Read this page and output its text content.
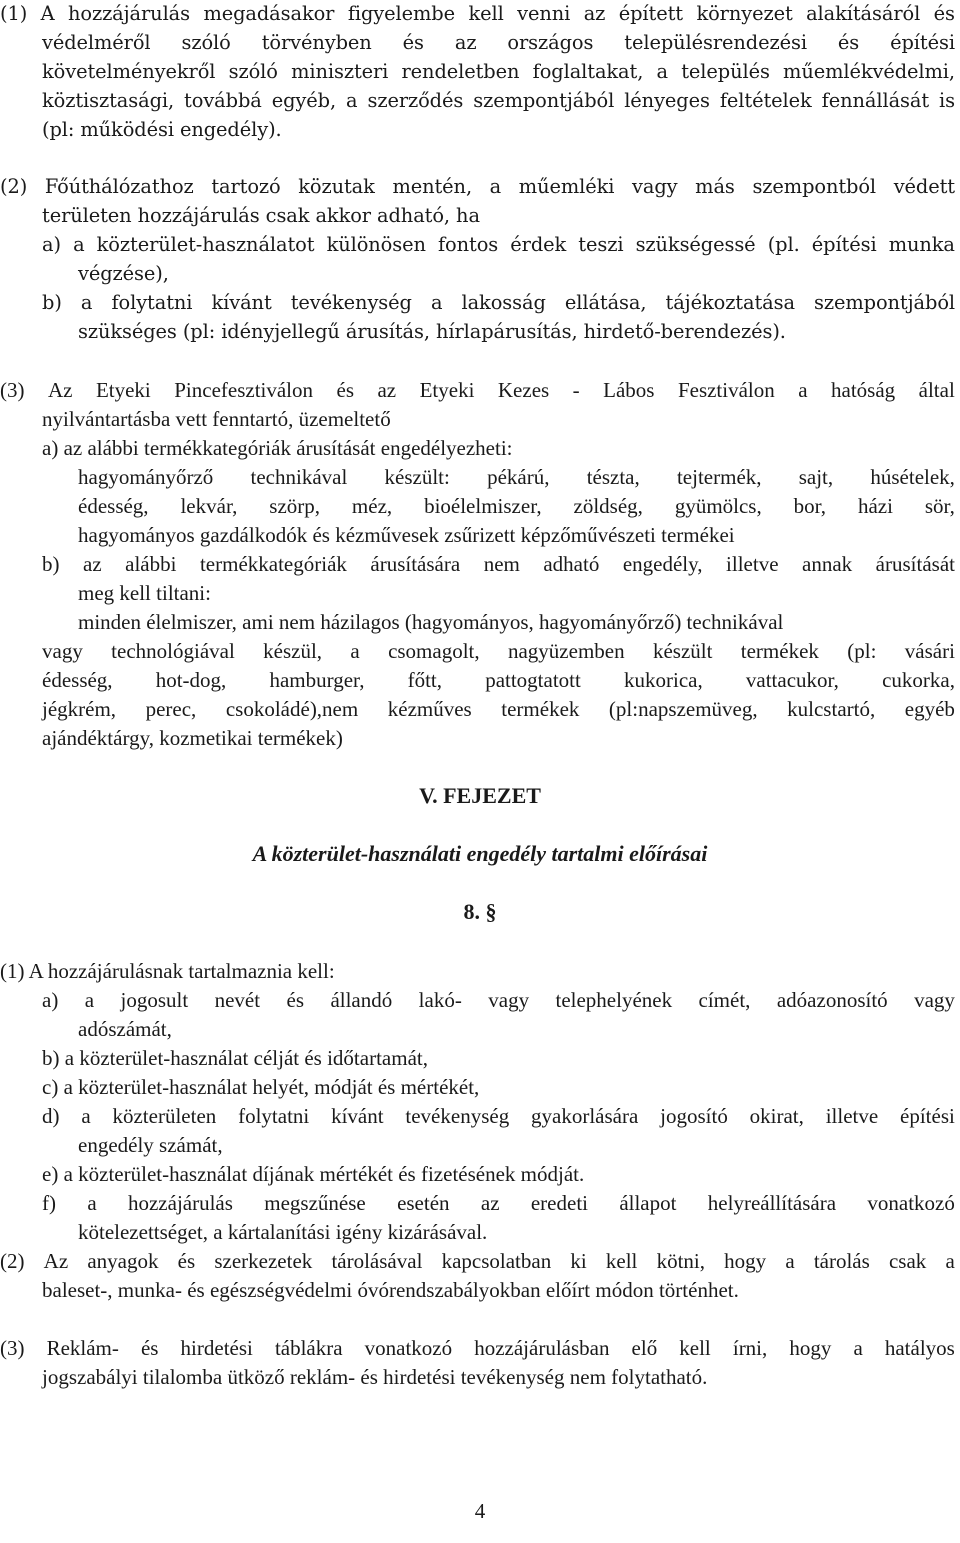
(1) A hozzájárulás megadásakor figyelembe kell venni az épített környezet alakításáról és
védelméről szóló törvényben és az országos településrendezési és építési
követelményekről szóló miniszteri rendeletben foglaltakat, a település műemlékvédelmi,
köztisztasági, továbbá egyéb, a szerződés szempontjából lényeges feltételek fennállását is
(pl: működési engedély).
(2) Főúthálózathoz tartozó közutak mentén, a műemléki vagy más szempontból védett
területen hozzájárulás csak akkor adható, ha
a) a közterület-használatot különösen fontos érdek teszi szükségessé (pl. építési munka
végzése),
b) a folytatni kívánt tevékenység a lakosság ellátása, tájékoztatása szempontjából
szükséges (pl: idényjellegű árusítás, hírlapárusítás, hirdető-berendezés).
(3) Az Etyeki Pincefesztiválon és az Etyeki Kezes - Lábos Fesztiválon a hatóság által
nyilvántartásba vett fenntartó, üzemeltető
a) az alábbi termékkategóriák árusítását engedélyezheti:
hagyományőrző technikával készült: pékárú, tészta, tejtermék, sajt, húsételek,
édesség, lekvár, szörp, méz, bioélelmiszer, zöldség, gyümölcs, bor, házi sör,
hagyományos gazdálkodók és kézművesek zsűrizett képzőművészeti termékei
b) az alábbi termékkategóriák árusítására nem adható engedély, illetve annak árusítását
meg kell tiltani:
minden élelmiszer, ami nem házilagos (hagyományos, hagyományőrző) technikával
vagy technológiával készül, a csomagolt, nagyüzemben készült termékek (pl: vásári
édesség, hot-dog, hamburger, főtt, pattogtatott kukorica, vattacukor, cukorka,
jégkrém, perec, csokoládé),nem kézműves termékek (pl:napszemüveg, kulcstartó, egyéb
ajándéktárgy, kozmetikai termékek)
V. FEJEZET
A közterület-használati engedély tartalmi előírásai
8. §
(1) A hozzájárulásnak tartalmaznia kell:
a) a jogosult nevét és állandó lakó- vagy telephelyének címét, adóazonosító vagy
adószámát,
b) a közterület-használat célját és időtartamát,
c) a közterület-használat helyét, módját és mértékét,
d) a közterületen folytatni kívánt tevékenység gyakorlására jogosító okirat, illetve építési
engedély számát,
e) a közterület-használat díjának mértékét és fizetésének módját.
f) a hozzájárulás megszűnése esetén az eredeti állapot helyreállítására vonatkozó
kötelezettséget, a kártalanítási igény kizárásával.
(2) Az anyagok és szerkezetek tárolásával kapcsolatban ki kell kötni, hogy a tárolás csak a
baleset-, munka- és egészségvédelmi óvórendszabályokban előírt módon történhet.
(3) Reklám- és hirdetési táblákra vonatkozó hozzájárulásban elő kell írni, hogy a hatályos
jogszabályi tilalomba ütköző reklám- és hirdetési tevékenység nem folytatható.
4
